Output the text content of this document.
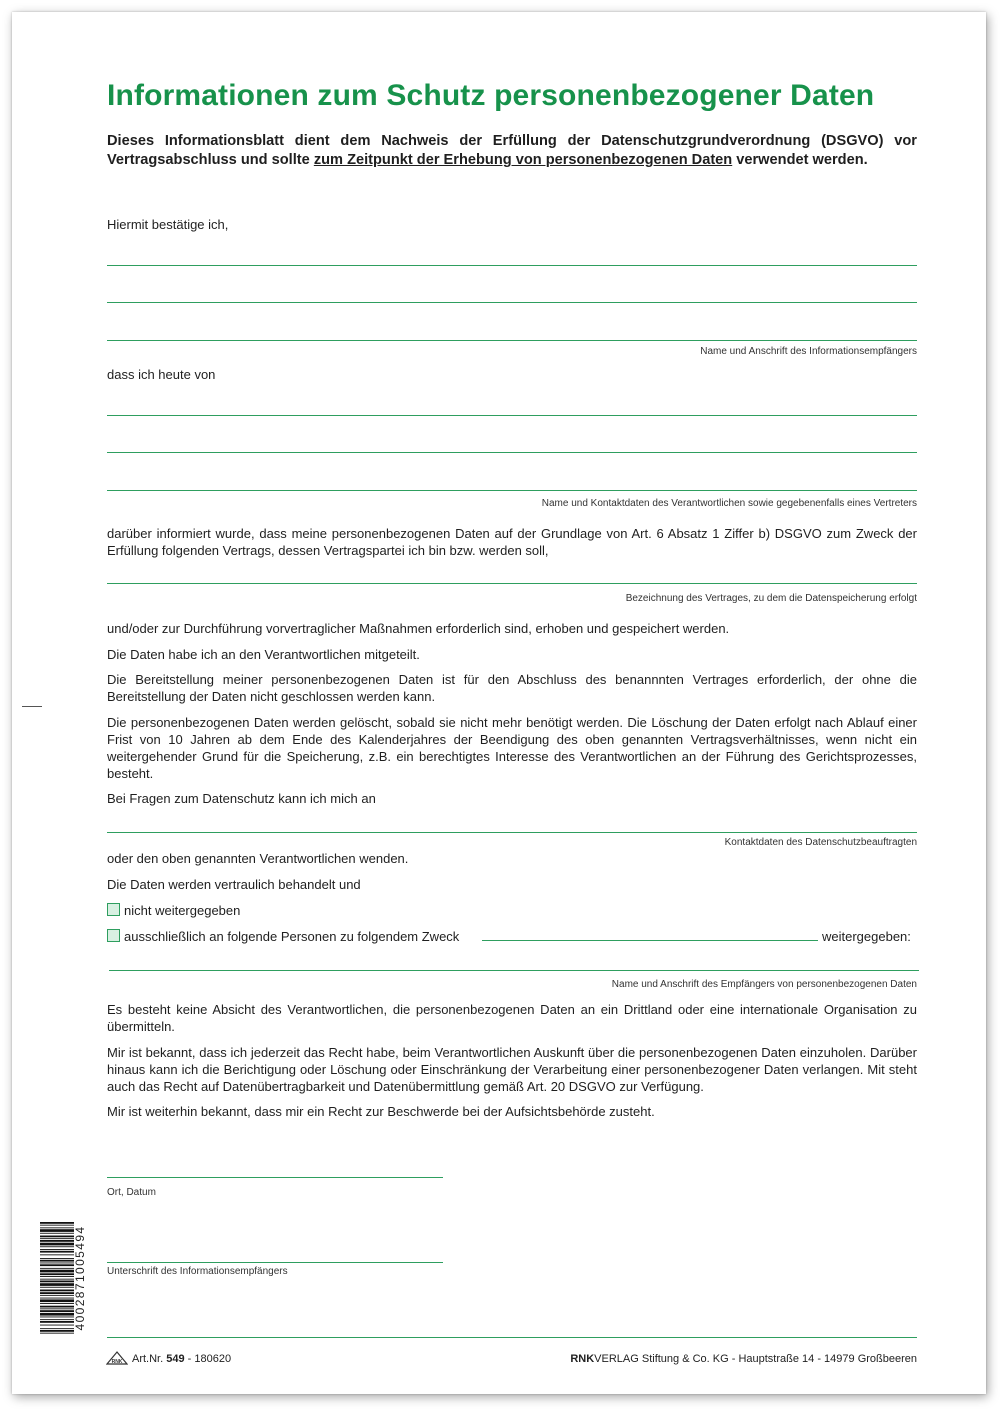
Informationen zum Schutz personenbezogener Daten

Dieses Informationsblatt dient dem Nachweis der Erfüllung der Datenschutzgrundverordnung (DSGVO) vor Vertragsabschluss und sollte zum Zeitpunkt der Erhebung von personenbezogenen Daten verwendet werden.

Hiermit bestätige ich,

Name und Anschrift des Informationsempfängers

dass ich heute von

Name und Kontaktdaten des Verantwortlichen sowie gegebenenfalls eines Vertreters

darüber informiert wurde, dass meine personenbezogenen Daten auf der Grundlage von Art. 6 Absatz 1 Ziffer b) DSGVO zum Zweck der Erfüllung folgenden Vertrags, dessen Vertragspartei ich bin bzw. werden soll,

Bezeichnung des Vertrages, zu dem die Datenspeicherung erfolgt

und/oder zur Durchführung vorvertraglicher Maßnahmen erforderlich sind, erhoben und gespeichert werden.

Die Daten habe ich an den Verantwortlichen mitgeteilt.

Die Bereitstellung meiner personenbezogenen Daten ist für den Abschluss des benannnten Vertrages erforderlich, der ohne die Bereitstellung der Daten nicht geschlossen werden kann.

Die personenbezogenen Daten werden gelöscht, sobald sie nicht mehr benötigt werden. Die Löschung der Daten erfolgt nach Ablauf einer Frist von 10 Jahren ab dem Ende des Kalenderjahres der Beendigung des oben genannten Vertragsverhältnisses, wenn nicht ein weitergehender Grund für die Speicherung, z.B. ein berechtigtes Interesse des Verantwortlichen an der Führung des Gerichtsprozesses, besteht.

Bei Fragen zum Datenschutz kann ich mich an

Kontaktdaten des Datenschutzbeauftragten

oder den oben genannten Verantwortlichen wenden.

Die Daten werden vertraulich behandelt und

nicht weitergegeben

ausschließlich an folgende Personen zu folgendem Zweck	weitergegeben:

Name und Anschrift des Empfängers von personenbezogenen Daten

Es besteht keine Absicht des Verantwortlichen, die personenbezogenen Daten an ein Drittland oder eine internationale Organisation zu übermitteln.

Mir ist bekannt, dass ich jederzeit das Recht habe, beim Verantwortlichen Auskunft über die personenbezogenen Daten einzuholen. Darüber hinaus kann ich die Berichtigung oder Löschung oder Einschränkung der Verarbeitung einer personenbezogener Daten verlangen. Mit steht auch das Recht auf Datenübertragbarkeit und Datenübermittlung gemäß Art. 20 DSGVO zur Verfügung.

Mir ist weiterhin bekannt, dass mir ein Recht zur Beschwerde bei der Aufsichtsbehörde zusteht.

Ort, Datum
Unterschrift des Informationsempfängers
4002871005494
RNK Art.Nr. 549 - 180620	RNKVERLAG Stiftung & Co. KG - Hauptstraße 14 - 14979 Großbeeren
